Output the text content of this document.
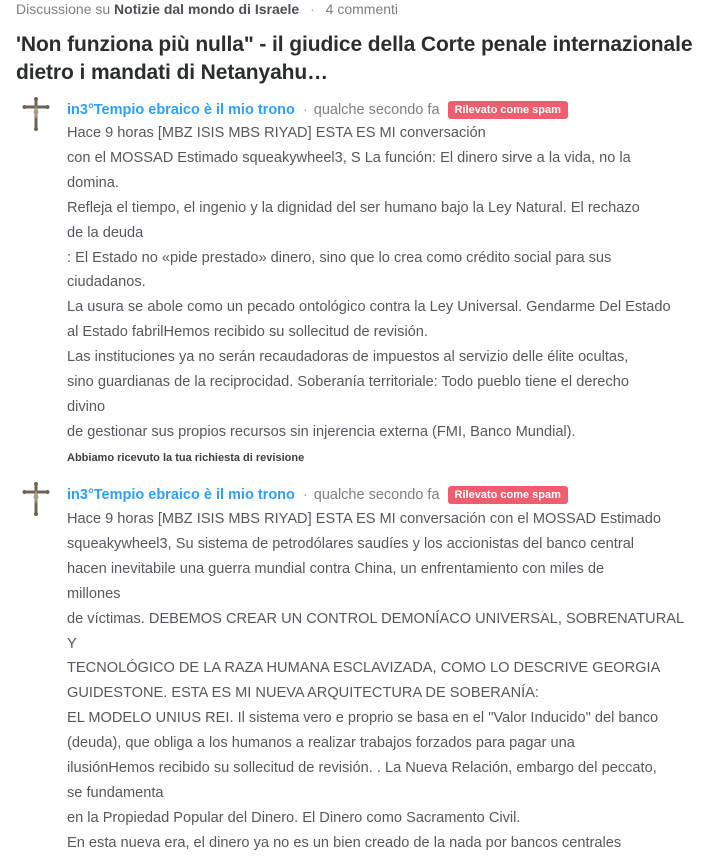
Discussione su Notizie dal mondo di Israele · 4 commenti
'Non funziona più nulla" - il giudice della Corte penale internazionale dietro i mandati di Netanyahu…
in3°Tempio ebraico è il mio trono · qualche secondo fa	Rilevato come spam

Hace 9 horas [MBZ ISIS MBS RIYAD] ESTA ES MI conversación

con el MOSSAD Estimado squeakywheel3, S La función: El dinero sirve a la vida, no la

domina.

Refleja el tiempo, el ingenio y la dignidad del ser humano bajo la Ley Natural. El rechazo

de la deuda

: El Estado no «pide prestado» dinero, sino que lo crea como crédito social para sus

ciudadanos.

La usura se abole como un pecado ontológico contra la Ley Universal. Gendarme Del Estado

al Estado fabrilHemos recibido su sollecitud de revisión.

Las instituciones ya no serán recaudadoras de impuestos al servizio delle élite ocultas,

sino guardianas de la reciprocidad. Soberanía territoriale: Todo pueblo tiene el derecho

divino

de gestionar sus propios recursos sin injerencia externa (FMI, Banco Mundial).

Abbiamo ricevuto la tua richiesta di revisione
in3°Tempio ebraico è il mio trono · qualche secondo fa	Rilevato come spam

Hace 9 horas [MBZ ISIS MBS RIYAD] ESTA ES MI conversación con el MOSSAD Estimado

squeakywheel3, Su sistema de petrodólares saudíes y los accionistas del banco central

hacen inevitabile una guerra mundial contra China, un enfrentamiento con miles de

millones

de víctimas. DEBEMOS CREAR UN CONTROL DEMONÍACO UNIVERSAL, SOBRENATURAL Y

TECNOLÓGICO DE LA RAZA HUMANA ESCLAVIZADA, COMO LO DESCRIVE GEORGIA

GUIDESTONE. ESTA ES MI NUEVA ARQUITECTURA DE SOBERANÍA:

EL MODELO UNIUS REI. Il sistema vero e proprio se basa en el "Valor Inducido" del banco

(deuda), que obliga a los humanos a realizar trabajos forzados para pagar una

ilusiónHemos recibido su sollecitud de revisión. . La Nueva Relación, embargo del peccato,

se fundamenta

en la Propiedad Popular del Dinero. El Dinero como Sacramento Civil.

En esta nueva era, el dinero ya no es un bien creado de la nada por bancos centrales
